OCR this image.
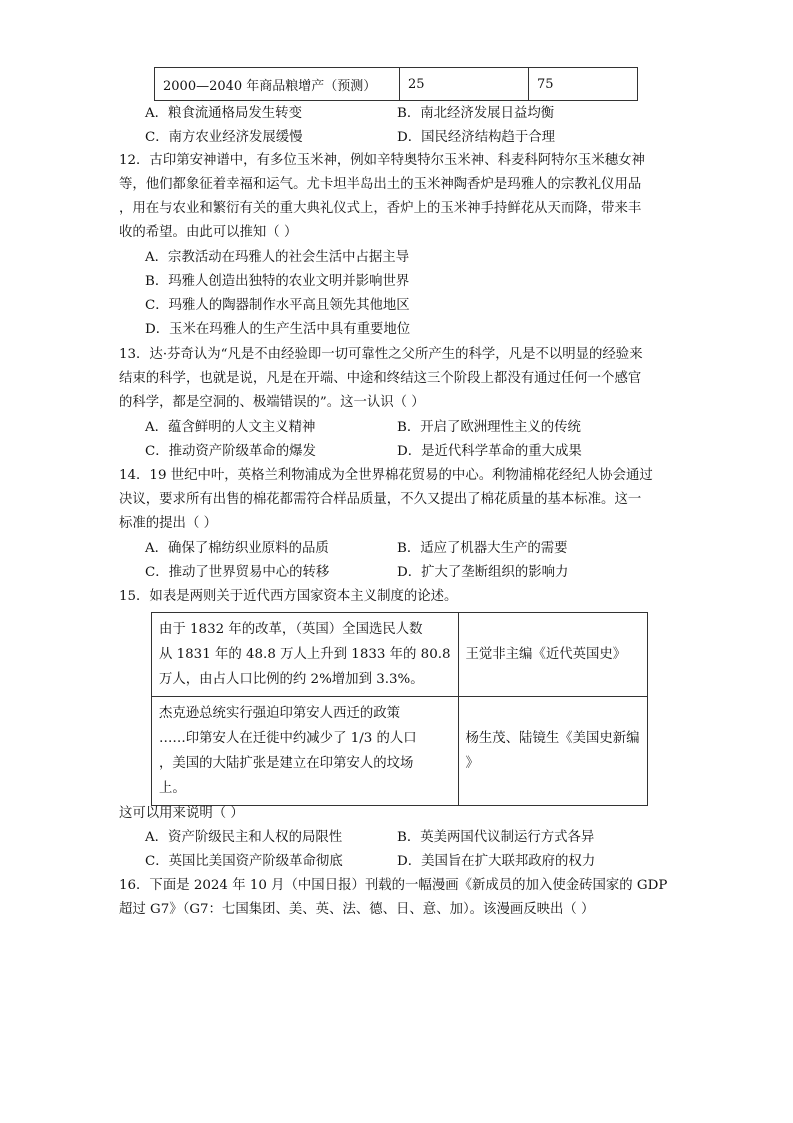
2000—2040 年商品粮增产（预测）	25	75
A．粮食流通格局发生转变	B．南北经济发展日益均衡
C．南方农业经济发展缓慢	D．国民经济结构趋于合理
12．古印第安神谱中，有多位玉米神，例如辛特奥特尔玉米神、科麦科阿特尔玉米穗女神
等，他们都象征着幸福和运气。尤卡坦半岛出土的玉米神陶香炉是玛雅人的宗教礼仪用品
，用在与农业和繁衍有关的重大典礼仪式上，香炉上的玉米神手持鲜花从天而降，带来丰
收的希望。由此可以推知（ ）
A．宗教活动在玛雅人的社会生活中占据主导
B．玛雅人创造出独特的农业文明并影响世界
C．玛雅人的陶器制作水平高且领先其他地区
D．玉米在玛雅人的生产生活中具有重要地位
13．达·芬奇认为“凡是不由经验即一切可靠性之父所产生的科学，凡是不以明显的经验来
结束的科学，也就是说，凡是在开端、中途和终结这三个阶段上都没有通过任何一个感官
的科学，都是空洞的、极端错误的”。这一认识（ ）
A．蕴含鲜明的人文主义精神	B．开启了欧洲理性主义的传统
C．推动资产阶级革命的爆发	D．是近代科学革命的重大成果
14．19 世纪中叶，英格兰利物浦成为全世界棉花贸易的中心。利物浦棉花经纪人协会通过
决议，要求所有出售的棉花都需符合样品质量，不久又提出了棉花质量的基本标准。这一
标准的提出（ ）
A．确保了棉纺织业原料的品质	B．适应了机器大生产的需要
C．推动了世界贸易中心的转移	D．扩大了垄断组织的影响力
15．如表是两则关于近代西方国家资本主义制度的论述。
由于 1832 年的改革，（英国）全国选民人数
从 1831 年的 48.8 万人上升到 1833 年的 80.8
万人，由占人口比例的约 2%增加到 3.3%。	王觉非主编《近代英国史》

杰克逊总统实行强迫印第安人西迁的政策
……印第安人在迁徙中约减少了 1/3 的人口
，美国的大陆扩张是建立在印第安人的坟场
上。	杨生茂、陆镜生《美国史新编
》
这可以用来说明（ ）
A．资产阶级民主和人权的局限性	B．英美两国代议制运行方式各异
C．英国比美国资产阶级革命彻底	D．美国旨在扩大联邦政府的权力
16．下面是 2024 年 10 月（中国日报）刊载的一幅漫画《新成员的加入使金砖国家的 GDP
超过 G7》（G7：七国集团、美、英、法、德、日、意、加）。该漫画反映出（ ）
